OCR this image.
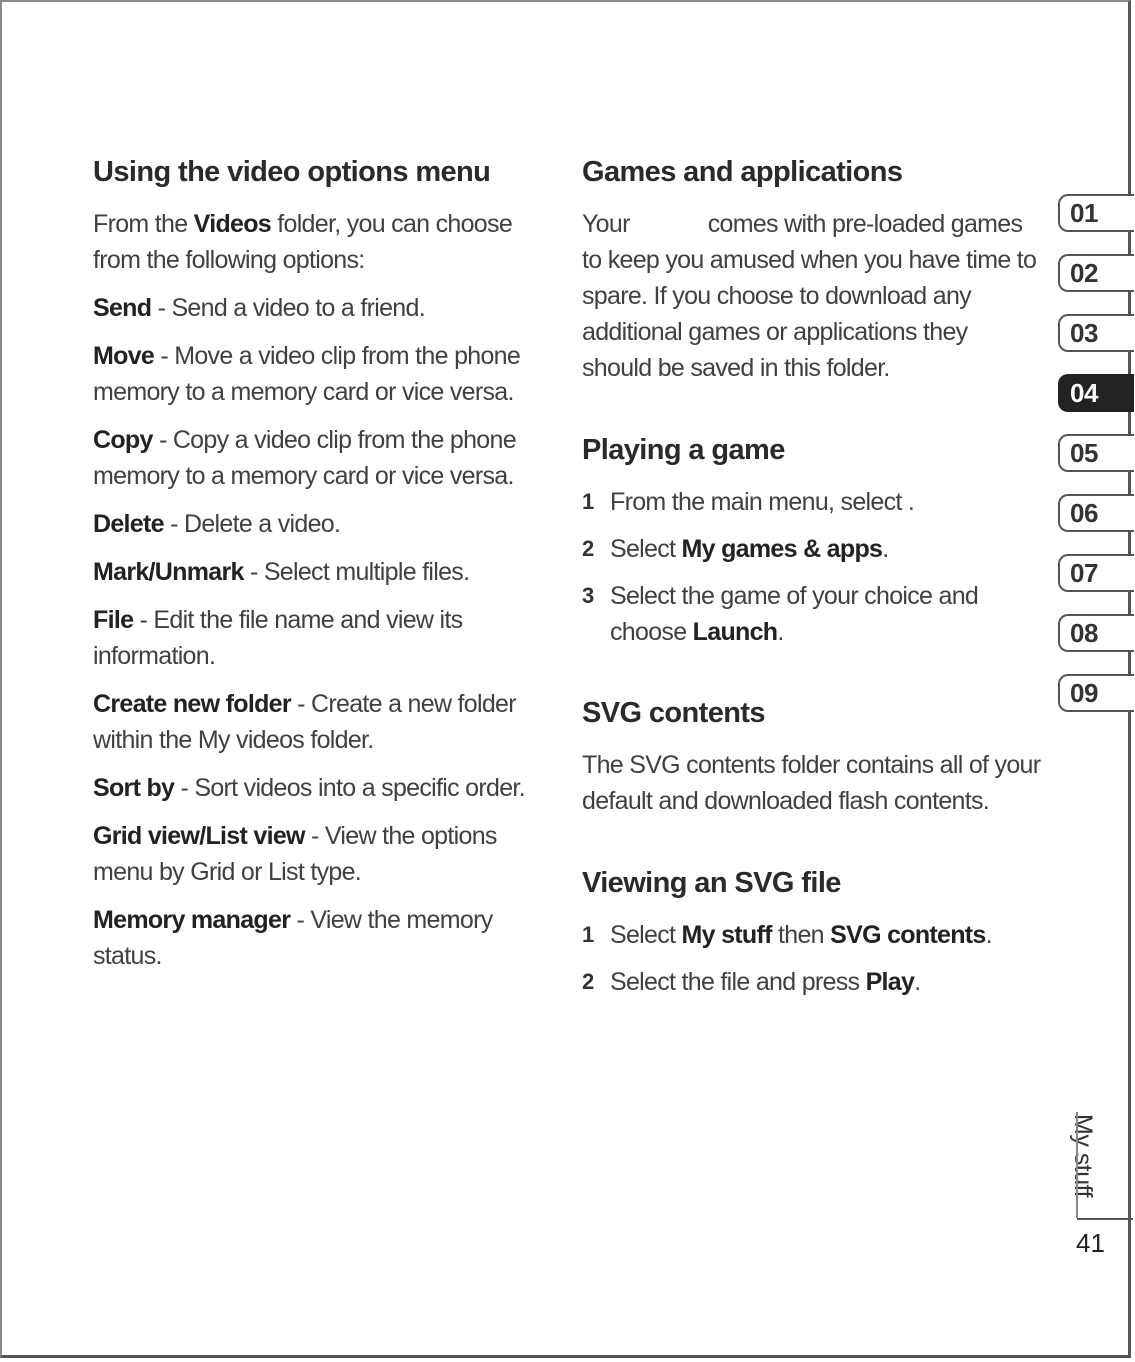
Using the video options menu

From the Videos folder, you can choose from the following options:

Send - Send a video to a friend.

Move - Move a video clip from the phone memory to a memory card or vice versa.

Copy - Copy a video clip from the phone memory to a memory card or vice versa.

Delete - Delete a video.

Mark/Unmark - Select multiple files.

File - Edit the file name and view its information.

Create new folder - Create a new folder within the My videos folder.

Sort by - Sort videos into a specific order.

Grid view/List view - View the options menu by Grid or List type.

Memory manager - View the memory status.

Games and applications

Your	comes with pre-loaded games to keep you amused when you have time to spare. If you choose to download any additional games or applications they should be saved in this folder.

Playing a game

1 From the main menu, select .

2 Select My games & apps.

3 Select the game of your choice and choose Launch.

SVG contents

The SVG contents folder contains all of your default and downloaded flash contents.

Viewing an SVG file

1 Select My stuff then SVG contents.

2 Select the file and press Play.

01
02
03
04
05
06
07
08
09
My stuff
41
